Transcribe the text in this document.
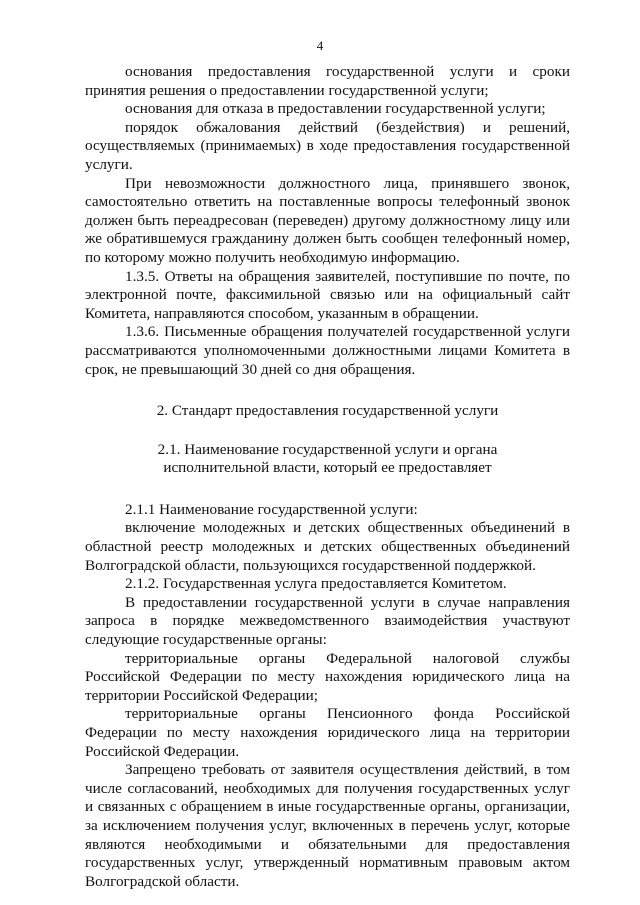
4

основания предоставления государственной услуги и сроки принятия решения о предоставлении государственной услуги;

основания для отказа в предоставлении государственной услуги;

порядок обжалования действий (бездействия) и решений, осуществляемых (принимаемых) в ходе предоставления государственной услуги.

При невозможности должностного лица, принявшего звонок, самостоятельно ответить на поставленные вопросы телефонный звонок должен быть переадресован (переведен) другому должностному лицу или же обратившемуся гражданину должен быть сообщен телефонный номер, по которому можно получить необходимую информацию.

1.3.5. Ответы на обращения заявителей, поступившие по почте, по электронной почте, факсимильной связью или на официальный сайт Комитета, направляются способом, указанным в обращении.

1.3.6. Письменные обращения получателей государственной услуги рассматриваются уполномоченными должностными лицами Комитета в срок, не превышающий 30 дней со дня обращения.

2. Стандарт предоставления государственной услуги
2.1. Наименование государственной услуги и органа
исполнительной власти, который ее предоставляет

2.1.1 Наименование государственной услуги:

включение молодежных и детских общественных объединений в областной реестр молодежных и детских общественных объединений Волгоградской области, пользующихся государственной поддержкой.

2.1.2. Государственная услуга предоставляется Комитетом.

В предоставлении государственной услуги в случае направления запроса в порядке межведомственного взаимодействия участвуют следующие государственные органы:

территориальные органы Федеральной налоговой службы Российской Федерации по месту нахождения юридического лица на территории Российской Федерации;

территориальные органы Пенсионного фонда Российской Федерации по месту нахождения юридического лица на территории Российской Федерации.

Запрещено требовать от заявителя осуществления действий, в том числе согласований, необходимых для получения государственных услуг и связанных с обращением в иные государственные органы, организации, за исключением получения услуг, включенных в перечень услуг, которые являются необходимыми и обязательными для предоставления государственных услуг, утвержденный нормативным правовым актом Волгоградской области.
